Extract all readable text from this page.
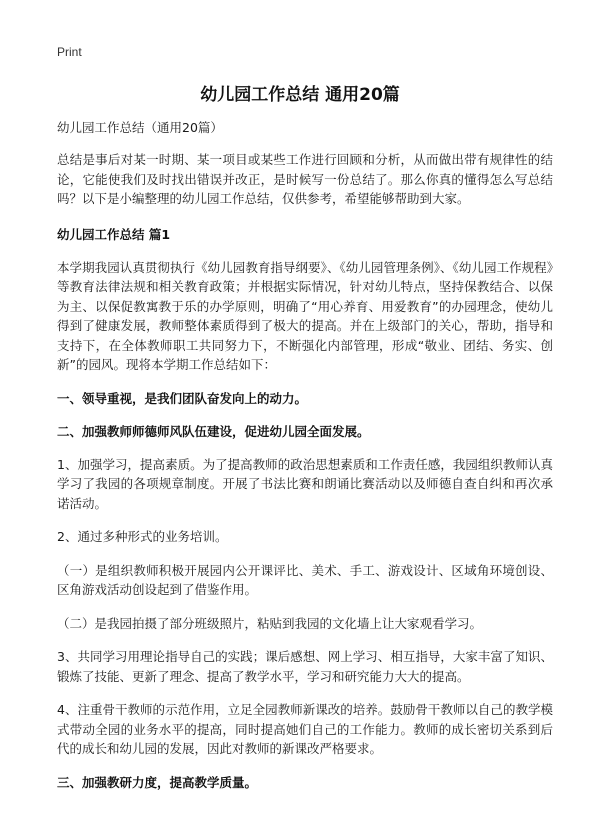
Print
幼儿园工作总结 通用20篇

幼儿园工作总结（通用20篇）

总结是事后对某一时期、某一项目或某些工作进行回顾和分析，从而做出带有规律性的结论，它能使我们及时找出错误并改正，是时候写一份总结了。那么你真的懂得怎么写总结吗？以下是小编整理的幼儿园工作总结，仅供参考，希望能够帮助到大家。

幼儿园工作总结 篇1

本学期我园认真贯彻执行《幼儿园教育指导纲要》、《幼儿园管理条例》、《幼儿园工作规程》等教育法律法规和相关教育政策；并根据实际情况，针对幼儿特点，坚持保教结合、以保为主、以保促教寓教于乐的办学原则，明确了“用心养育、用爱教育”的办园理念，使幼儿得到了健康发展，教师整体素质得到了极大的提高。并在上级部门的关心，帮助，指导和支持下，在全体教师职工共同努力下，不断强化内部管理，形成“敬业、团结、务实、创新”的园风。现将本学期工作总结如下：

一、领导重视，是我们团队奋发向上的动力。

二、加强教师师德师风队伍建设，促进幼儿园全面发展。

1、加强学习，提高素质。为了提高教师的政治思想素质和工作责任感，我园组织教师认真学习了我园的各项规章制度。开展了书法比赛和朗诵比赛活动以及师德自查自纠和再次承诺活动。

2、通过多种形式的业务培训。

（一）是组织教师积极开展园内公开课评比、美术、手工、游戏设计、区域角环境创设、区角游戏活动创设起到了借鉴作用。

（二）是我园拍摄了部分班级照片，粘贴到我园的文化墙上让大家观看学习。

3、共同学习用理论指导自己的实践；课后感想、网上学习、相互指导，大家丰富了知识、锻炼了技能、更新了理念、提高了教学水平，学习和研究能力大大的提高。

4、注重骨干教师的示范作用，立足全园教师新课改的培养。鼓励骨干教师以自己的教学模式带动全园的业务水平的提高，同时提高她们自己的工作能力。教师的成长密切关系到后代的成长和幼儿园的发展，因此对教师的新课改严格要求。

三、加强教研力度，提高教学质量。
